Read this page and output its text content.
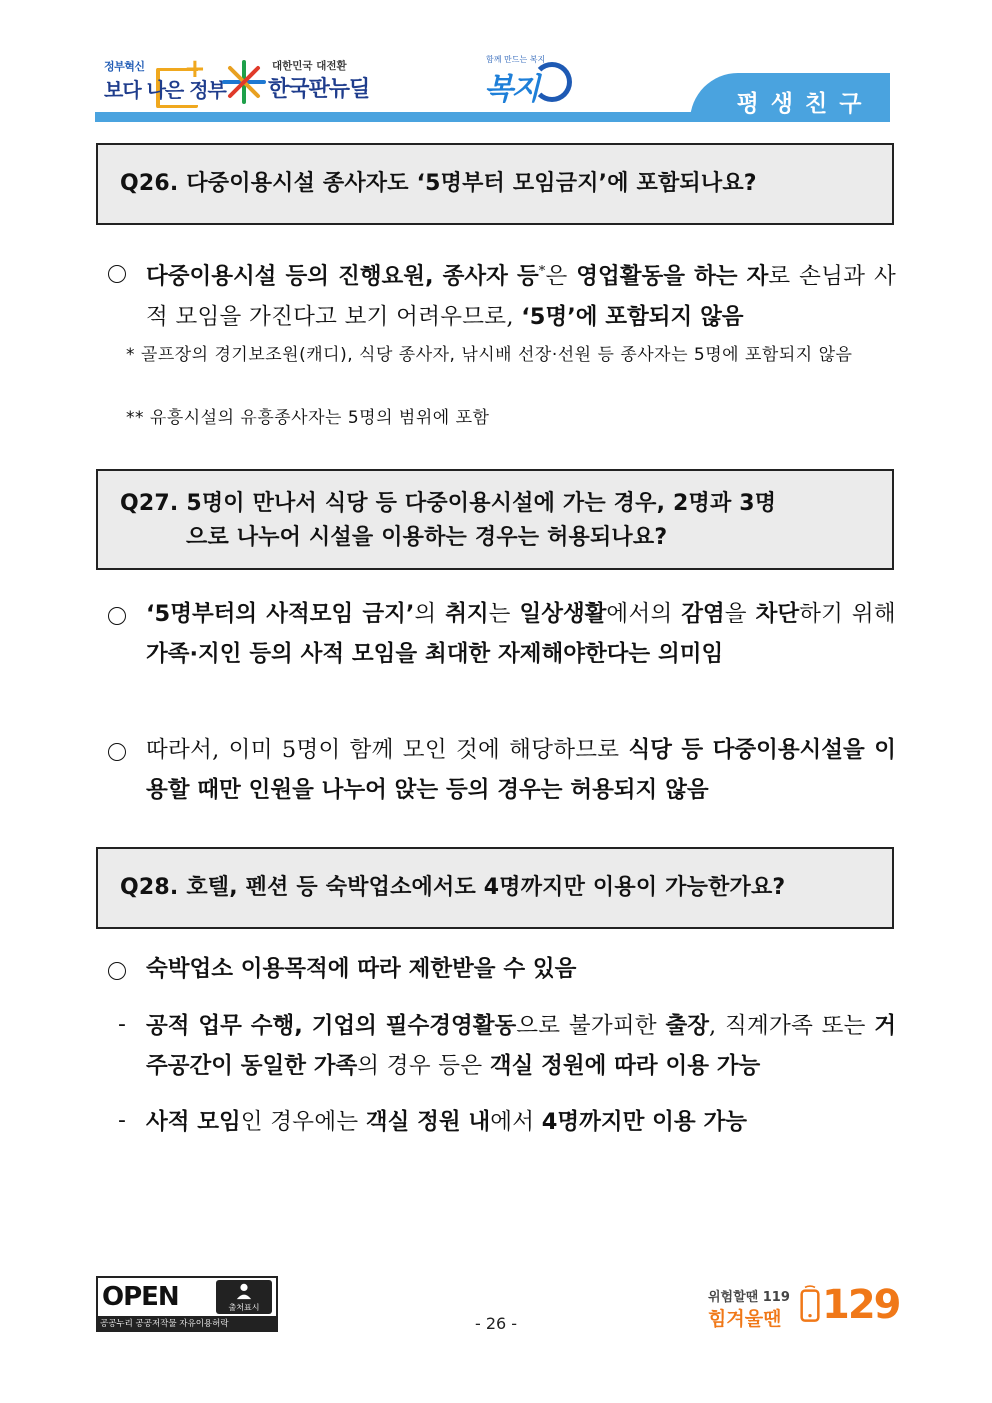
정부혁신 +
보다 나은 정부
대한민국 대전환
한국판뉴딜
함께 만드는 복지
복지	평생친구
Q26. 다중이용시설 종사자도 ‘5명부터 모임금지’에 포함되나요?
다중이용시설 등의 진행요원, 종사자 등*은 영업활동을 하는 자로 손님과 사적 모임을 가진다고 보기 어려우므로, ‘5명’에 포함되지 않음
* 골프장의 경기보조원(캐디), 식당 종사자, 낚시배 선장·선원 등 종사자는 5명에 포함되지 않음
** 유흥시설의 유흥종사자는 5명의 범위에 포함
Q27. 5명이 만나서 식당 등 다중이용시설에 가는 경우, 2명과 3명
으로 나누어 시설을 이용하는 경우는 허용되나요?
‘5명부터의 사적모임 금지’의 취지는 일상생활에서의 감염을 차단하기 위해 가족·지인 등의 사적 모임을 최대한 자제해야한다는 의미임
따라서, 이미 5명이 함께 모인 것에 해당하므로 식당 등 다중이용시설을 이용할 때만 인원을 나누어 앉는 등의 경우는 허용되지 않음
Q28. 호텔, 펜션 등 숙박업소에서도 4명까지만 이용이 가능한가요?
숙박업소 이용목적에 따라 제한받을 수 있음
- 공적 업무 수행, 기업의 필수경영활동으로 불가피한 출장, 직계가족 또는 거주공간이 동일한 가족의 경우 등은 객실 정원에 따라 이용 가능
- 사적 모임인 경우에는 객실 정원 내에서 4명까지만 이용 가능
OPEN	출처표시
공공누리 공공저작물 자유이용허락	- 26 -
위험할땐 119
힘겨울땐 129
